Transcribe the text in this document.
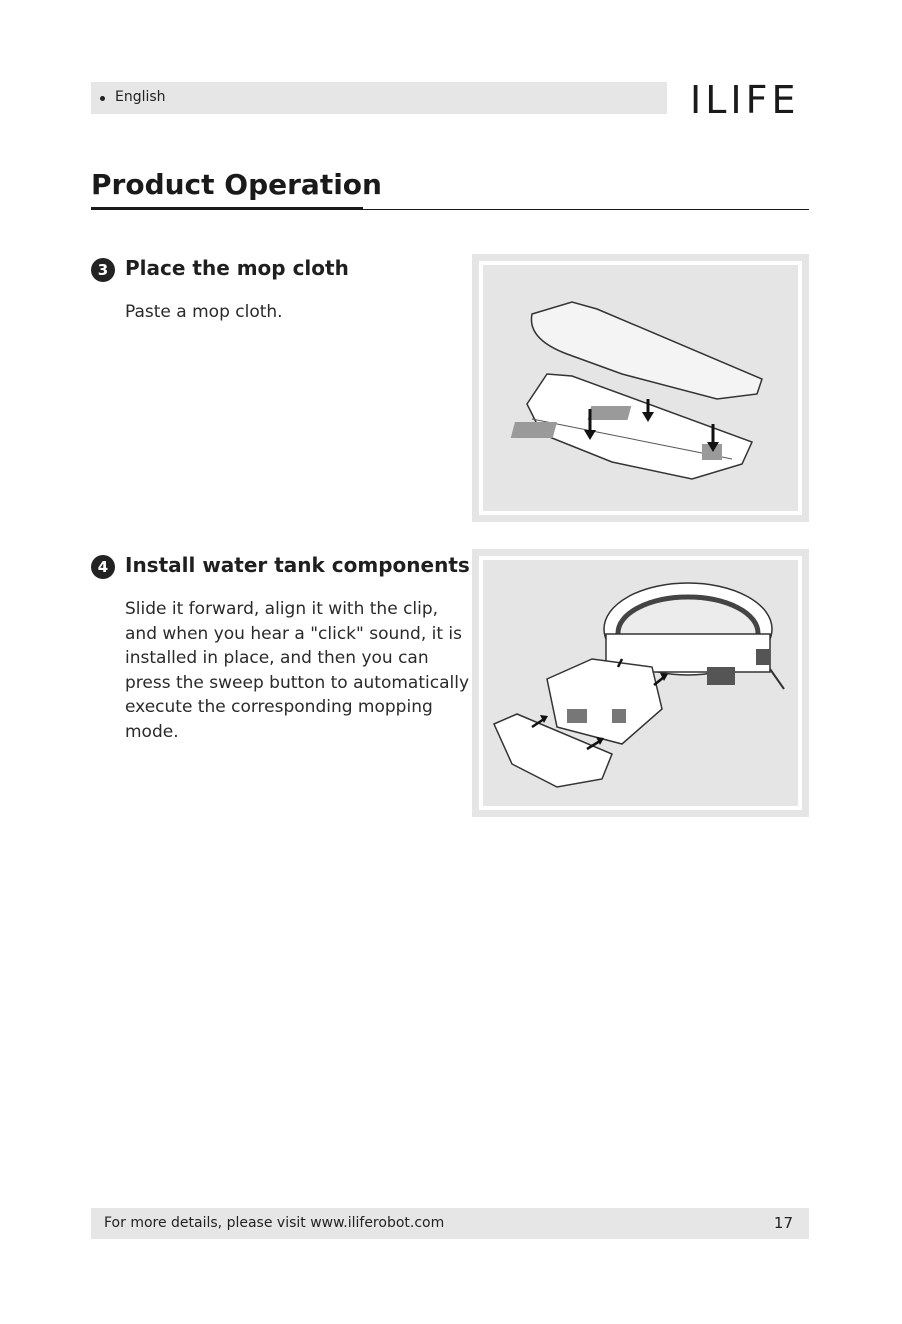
English	ILIFE
Product Operation
3 Place the mop cloth
Paste a mop cloth.
4 Install water tank components
Slide it forward, align it with the clip, and when you hear a "click" sound, it is installed in place, and then you can press the sweep button to automatically execute the corresponding mopping mode.
For more details, please visit www.iliferobot.com	17
